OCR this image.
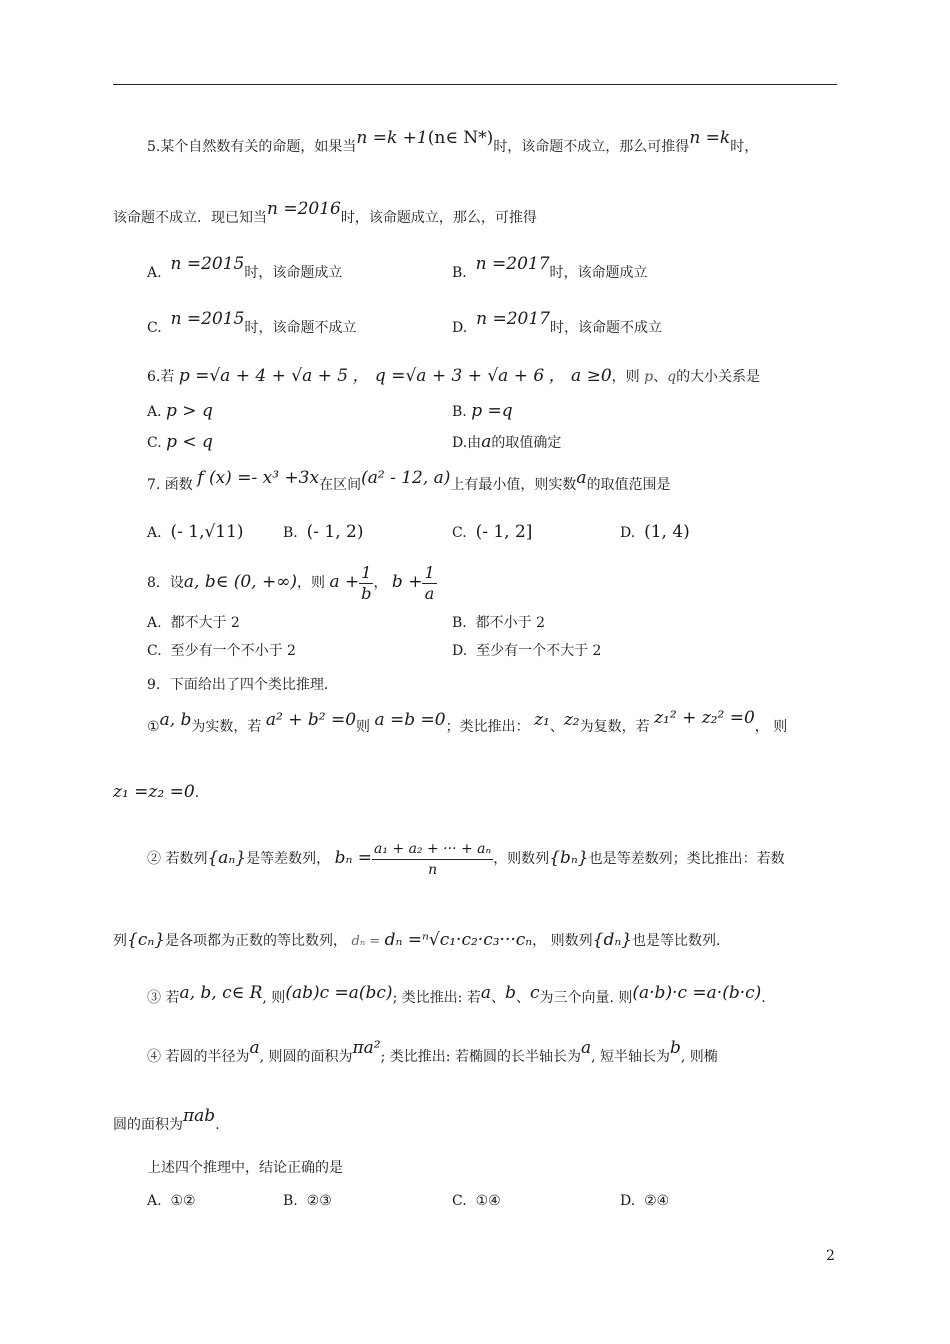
5.某个自然数有关的命题，如果当n =k +1(n∈ N*)时，该命题不成立，那么可推得n =k时，
该命题不成立．现已知当n =2016时，该命题成立，那么，可推得
A. n =2015时，该命题成立	B. n =2017时，该命题成立
C. n =2015时，该命题不成立	D. n =2017时，该命题不成立
6.若 p =√a + 4 + √a + 5 ， q =√a + 3 + √a + 6 ， a ≥0，则 p、q的大小关系是
A. p > q	B. p =q
C. p < q	D.由a的取值确定
7. 函数 f (x) =- x³ +3x在区间(a² - 12, a)上有最小值，则实数a的取值范围是
A. (- 1,√11)	B. (- 1, 2)	C. (- 1, 2]	D. (1, 4)
8．设a, b∈ (0, +∞)，则 $a + \frac{1}{b}$ ， $b + \frac{1}{a}$
A. 都不大于 2	B. 都不小于 2
C. 至少有一个不小于 2	D. 至少有一个不大于 2
9．下面给出了四个类比推理．
①a, b为实数，若 a² + b² =0则 a =b =0；类比推出： z₁、z₂为复数，若 z₁² + z₂² =0， 则
z₁ =z₂ =0.
② 若数列{aₙ}是等差数列， $b_n = \frac{\text{a₁ + a₂ + ··· + aₙ}}{n}$ ，则数列{bₙ}也是等差数列；类比推出：若数
列{cₙ}是各项都为正数的等比数列， dₙ = dₙ =ⁿ√c₁·c₂·c₃···cₙ， 则数列{dₙ}也是等比数列.
③ 若a, b, c∈ R, 则(ab)c =a(bc); 类比推出: 若a、b、c为三个向量. 则(a·b)·c =a·(b·c).
④ 若圆的半径为a, 则圆的面积为πa²; 类比推出: 若椭圆的长半轴长为a, 短半轴长为b, 则椭
圆的面积为πab.
上述四个推理中，结论正确的是
A. ①②	B. ②③	C. ①④	D. ②④
2
